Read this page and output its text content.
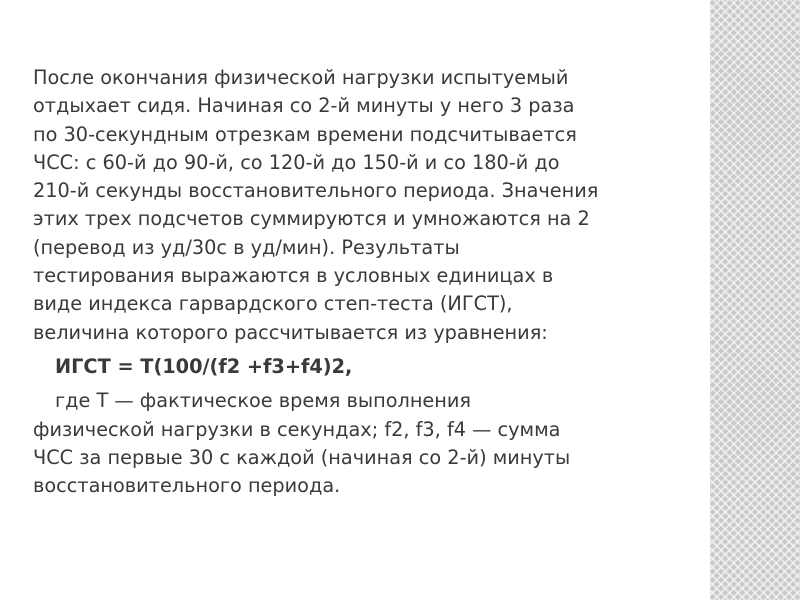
После окончания физической нагрузки испытуемый
отдыхает сидя. Начиная со 2-й минуты у него 3 раза
по 30-секундным отрезкам времени подсчитывается
ЧСС: с 60-й до 90-й, со 120-й до 150-й и со 180-й до
210-й секунды восстановительного периода. Значения
этих трех подсчетов суммируются и умножаются на 2
(перевод из уд/30с в уд/мин). Результаты
тестирования выражаются в условных единицах в
виде индекса гарвардского степ-теста (ИГСТ),
величина которого рассчитывается из уравнения:
ИГСТ = Т(100/(f2 +f3+f4)2,
где Т — фактическое время выполнения
физической нагрузки в секундах; f2, f3, f4 — сумма
ЧСС за первые 30 с каждой (начиная со 2-й) минуты
восстановительного периода.
